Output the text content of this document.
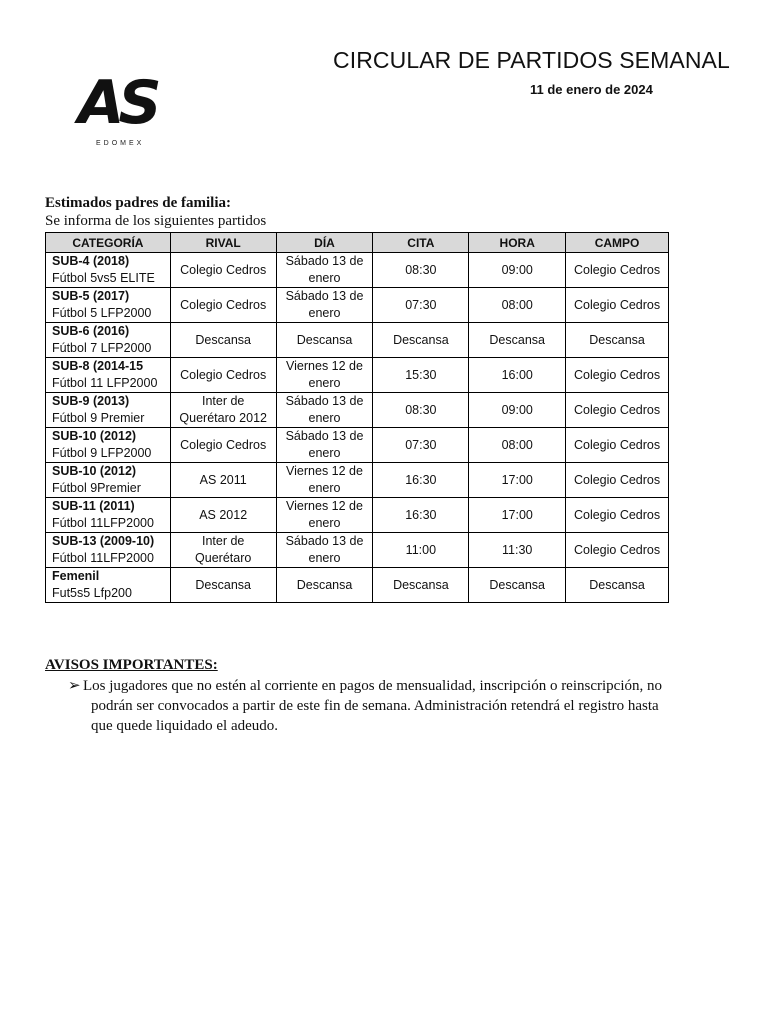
AS
EDOMEX
CIRCULAR DE PARTIDOS SEMANAL
11 de enero de 2024
Estimados padres de familia:
Se informa de los siguientes partidos
CATEGORÍA	RIVAL	DÍA	CITA	HORA	CAMPO

SUB-4 (2018)
Fútbol 5vs5 ELITE	Colegio Cedros	Sábado 13 de enero	08:30	09:00	Colegio Cedros

SUB-5 (2017)
Fútbol 5 LFP2000	Colegio Cedros	Sábado 13 de enero	07:30	08:00	Colegio Cedros

SUB-6 (2016)
Fútbol 7 LFP2000	Descansa	Descansa	Descansa	Descansa	Descansa

SUB-8 (2014-15
Fútbol 11 LFP2000	Colegio Cedros	Viernes 12 de enero	15:30	16:00	Colegio Cedros

SUB-9 (2013)
Fútbol 9 Premier	Inter de Querétaro 2012	Sábado 13 de enero	08:30	09:00	Colegio Cedros

SUB-10 (2012)
Fútbol 9 LFP2000	Colegio Cedros	Sábado 13 de enero	07:30	08:00	Colegio Cedros

SUB-10 (2012)
Fútbol 9Premier	AS 2011	Viernes 12 de enero	16:30	17:00	Colegio Cedros

SUB-11 (2011)
Fútbol 11LFP2000	AS 2012	Viernes 12 de enero	16:30	17:00	Colegio Cedros

SUB-13 (2009-10)
Fútbol 11LFP2000	Inter de Querétaro	Sábado 13 de enero	11:00	11:30	Colegio Cedros

Femenil
Fut5s5 Lfp200	Descansa	Descansa	Descansa	Descansa	Descansa
AVISOS IMPORTANTES:
➢ Los jugadores que no estén al corriente en pagos de mensualidad, inscripción o reinscripción, no
podrán ser convocados a partir de este fin de semana. Administración retendrá el registro hasta
que quede liquidado el adeudo.
